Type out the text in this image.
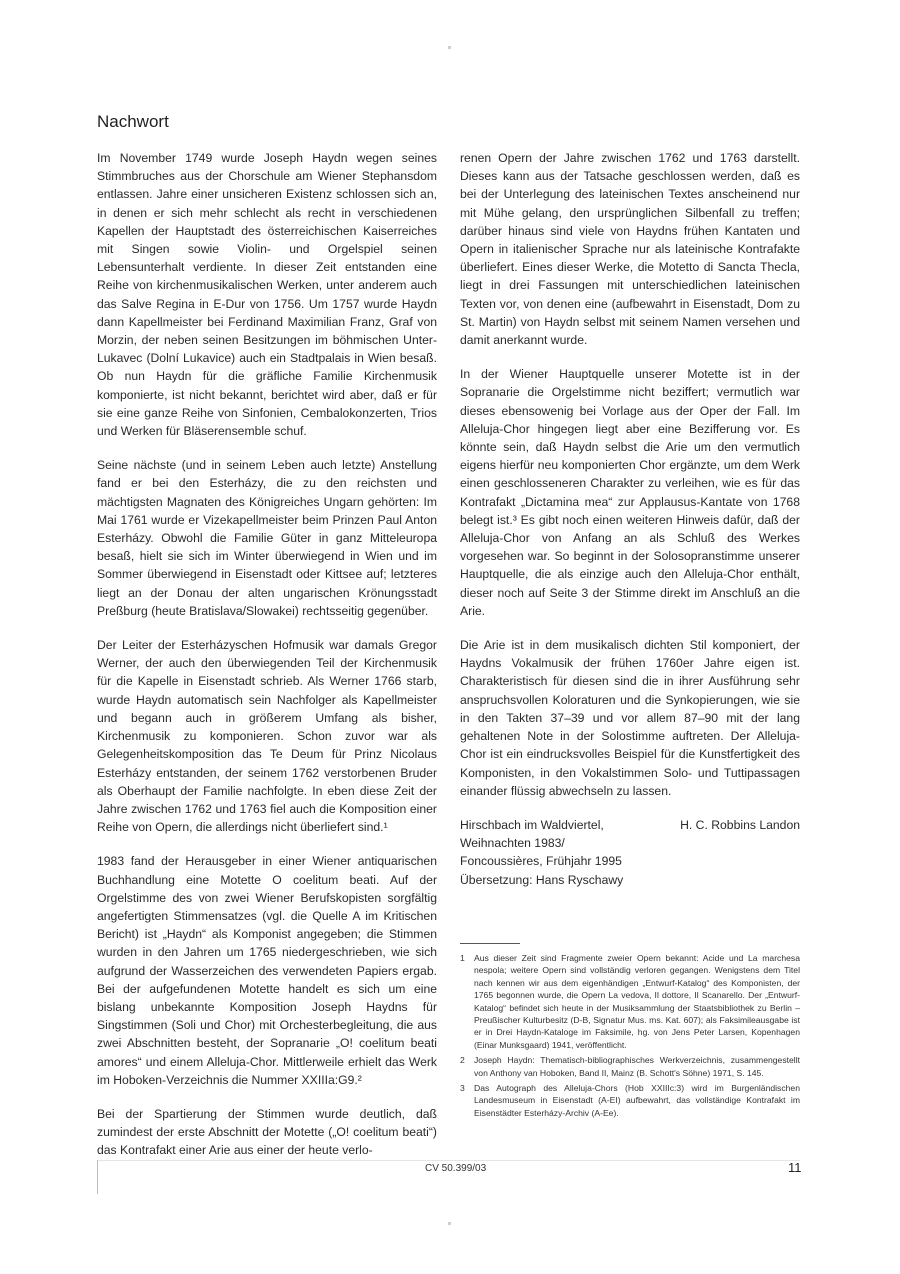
Nachwort

Im November 1749 wurde Joseph Haydn wegen seines Stimmbruches aus der Chorschule am Wiener Stephansdom entlassen. Jahre einer unsicheren Existenz schlossen sich an, in denen er sich mehr schlecht als recht in verschiedenen Kapellen der Hauptstadt des österreichischen Kaiserreiches mit Singen sowie Violin- und Orgelspiel seinen Lebensunterhalt verdiente. In dieser Zeit entstanden eine Reihe von kirchenmusikalischen Werken, unter anderem auch das Salve Regina in E-Dur von 1756. Um 1757 wurde Haydn dann Kapellmeister bei Ferdinand Maximilian Franz, Graf von Morzin, der neben seinen Besitzungen im böhmischen Unter-Lukavec (Dolní Lukavice) auch ein Stadtpalais in Wien besaß. Ob nun Haydn für die gräfliche Familie Kirchenmusik komponierte, ist nicht bekannt, berichtet wird aber, daß er für sie eine ganze Reihe von Sinfonien, Cembalokonzerten, Trios und Werken für Bläserensemble schuf.

Seine nächste (und in seinem Leben auch letzte) Anstellung fand er bei den Esterházy, die zu den reichsten und mächtigsten Magnaten des Königreiches Ungarn gehörten: Im Mai 1761 wurde er Vizekapellmeister beim Prinzen Paul Anton Esterházy. Obwohl die Familie Güter in ganz Mitteleuropa besaß, hielt sie sich im Winter überwiegend in Wien und im Sommer überwiegend in Eisenstadt oder Kittsee auf; letzteres liegt an der Donau der alten ungarischen Krönungsstadt Preßburg (heute Bratislava/Slowakei) rechtsseitig gegenüber.

Der Leiter der Esterházyschen Hofmusik war damals Gregor Werner, der auch den überwiegenden Teil der Kirchenmusik für die Kapelle in Eisenstadt schrieb. Als Werner 1766 starb, wurde Haydn automatisch sein Nachfolger als Kapellmeister und begann auch in größerem Umfang als bisher, Kirchenmusik zu komponieren. Schon zuvor war als Gelegenheitskomposition das Te Deum für Prinz Nicolaus Esterházy entstanden, der seinem 1762 verstorbenen Bruder als Oberhaupt der Familie nachfolgte. In eben diese Zeit der Jahre zwischen 1762 und 1763 fiel auch die Komposition einer Reihe von Opern, die allerdings nicht überliefert sind.¹

1983 fand der Herausgeber in einer Wiener antiquarischen Buchhandlung eine Motette O coelitum beati. Auf der Orgelstimme des von zwei Wiener Berufskopisten sorgfältig angefertigten Stimmensatzes (vgl. die Quelle A im Kritischen Bericht) ist „Haydn“ als Komponist angegeben; die Stimmen wurden in den Jahren um 1765 niedergeschrieben, wie sich aufgrund der Wasserzeichen des verwendeten Papiers ergab. Bei der aufgefundenen Motette handelt es sich um eine bislang unbekannte Komposition Joseph Haydns für Singstimmen (Soli und Chor) mit Orchesterbegleitung, die aus zwei Abschnitten besteht, der Sopranarie „O! coelitum beati amores“ und einem Alleluja-Chor. Mittlerweile erhielt das Werk im Hoboken-Verzeichnis die Nummer XXIIIa:G9.²

Bei der Spartierung der Stimmen wurde deutlich, daß zumindest der erste Abschnitt der Motette („O! coelitum beati“) das Kontrafakt einer Arie aus einer der heute verlo-

renen Opern der Jahre zwischen 1762 und 1763 darstellt. Dieses kann aus der Tatsache geschlossen werden, daß es bei der Unterlegung des lateinischen Textes anscheinend nur mit Mühe gelang, den ursprünglichen Silbenfall zu treffen; darüber hinaus sind viele von Haydns frühen Kantaten und Opern in italienischer Sprache nur als lateinische Kontrafakte überliefert. Eines dieser Werke, die Motetto di Sancta Thecla, liegt in drei Fassungen mit unterschiedlichen lateinischen Texten vor, von denen eine (aufbewahrt in Eisenstadt, Dom zu St. Martin) von Haydn selbst mit seinem Namen versehen und damit anerkannt wurde.

In der Wiener Hauptquelle unserer Motette ist in der Sopranarie die Orgelstimme nicht beziffert; vermutlich war dieses ebensowenig bei Vorlage aus der Oper der Fall. Im Alleluja-Chor hingegen liegt aber eine Bezifferung vor. Es könnte sein, daß Haydn selbst die Arie um den vermutlich eigens hierfür neu komponierten Chor ergänzte, um dem Werk einen geschlosseneren Charakter zu verleihen, wie es für das Kontrafakt „Dictamina mea“ zur Applausus-Kantate von 1768 belegt ist.³ Es gibt noch einen weiteren Hinweis dafür, daß der Alleluja-Chor von Anfang an als Schluß des Werkes vorgesehen war. So beginnt in der Solosopranstimme unserer Hauptquelle, die als einzige auch den Alleluja-Chor enthält, dieser noch auf Seite 3 der Stimme direkt im Anschluß an die Arie.

Die Arie ist in dem musikalisch dichten Stil komponiert, der Haydns Vokalmusik der frühen 1760er Jahre eigen ist. Charakteristisch für diesen sind die in ihrer Ausführung sehr anspruchsvollen Koloraturen und die Synkopierungen, wie sie in den Takten 37–39 und vor allem 87–90 mit der lang gehaltenen Note in der Solostimme auftreten. Der Alleluja-Chor ist ein eindrucksvolles Beispiel für die Kunstfertigkeit des Komponisten, in den Vokalstimmen Solo- und Tuttipassagen einander flüssig abwechseln zu lassen.

Hirschbach im Waldviertel,	H. C. Robbins Landon
Weihnachten 1983/
Foncoussières, Frühjahr 1995
Übersetzung: Hans Ryschawy
1	Aus dieser Zeit sind Fragmente zweier Opern bekannt: Acide und La marchesa nespola; weitere Opern sind vollständig verloren gegangen. Wenigstens dem Titel nach kennen wir aus dem eigenhändigen „Entwurf-Katalog“ des Komponisten, der 1765 begonnen wurde, die Opern La vedova, Il dottore, Il Scanarello. Der „Entwurf-Katalog“ befindet sich heute in der Musiksammlung der Staatsbibliothek zu Berlin – Preußischer Kulturbesitz (D-B, Signatur Mus. ms. Kat. 607); als Faksimileausgabe ist er in Drei Haydn-Kataloge im Faksimile, hg. von Jens Peter Larsen, Kopenhagen (Einar Munksgaard) 1941, veröffentlicht.
2	Joseph Haydn: Thematisch-bibliographisches Werkverzeichnis, zusammengestellt von Anthony van Hoboken, Band II, Mainz (B. Schott's Söhne) 1971, S. 145.
3	Das Autograph des Alleluja-Chors (Hob XXIIIc:3) wird im Burgenländischen Landesmuseum in Eisenstadt (A-EI) aufbewahrt, das vollständige Kontrafakt im Eisenstädter Esterházy-Archiv (A-Ee).
CV 50.399/03	11
